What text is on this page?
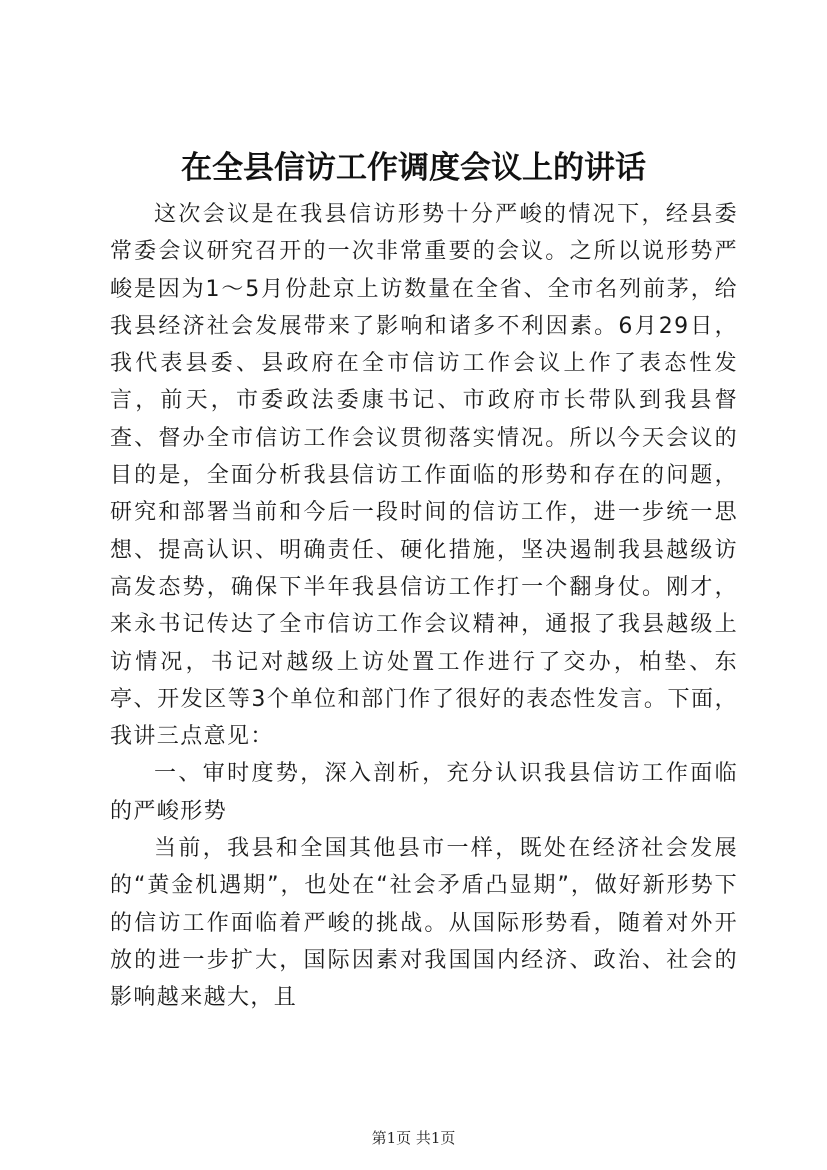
在全县信访工作调度会议上的讲话

这次会议是在我县信访形势十分严峻的情况下，经县委常委会议研究召开的一次非常重要的会议。之所以说形势严峻是因为1～5月份赴京上访数量在全省、全市名列前茅，给我县经济社会发展带来了影响和诸多不利因素。6月29日，我代表县委、县政府在全市信访工作会议上作了表态性发言，前天，市委政法委康书记、市政府市长带队到我县督查、督办全市信访工作会议贯彻落实情况。所以今天会议的目的是，全面分析我县信访工作面临的形势和存在的问题，研究和部署当前和今后一段时间的信访工作，进一步统一思想、提高认识、明确责任、硬化措施，坚决遏制我县越级访高发态势，确保下半年我县信访工作打一个翻身仗。刚才，来永书记传达了全市信访工作会议精神，通报了我县越级上访情况，书记对越级上访处置工作进行了交办，柏垫、东亭、开发区等3个单位和部门作了很好的表态性发言。下面，我讲三点意见：

一、审时度势，深入剖析，充分认识我县信访工作面临的严峻形势

当前，我县和全国其他县市一样，既处在经济社会发展的“黄金机遇期”，也处在“社会矛盾凸显期”，做好新形势下的信访工作面临着严峻的挑战。从国际形势看，随着对外开放的进一步扩大，国际因素对我国国内经济、政治、社会的影响越来越大，且

第1页 共1页
